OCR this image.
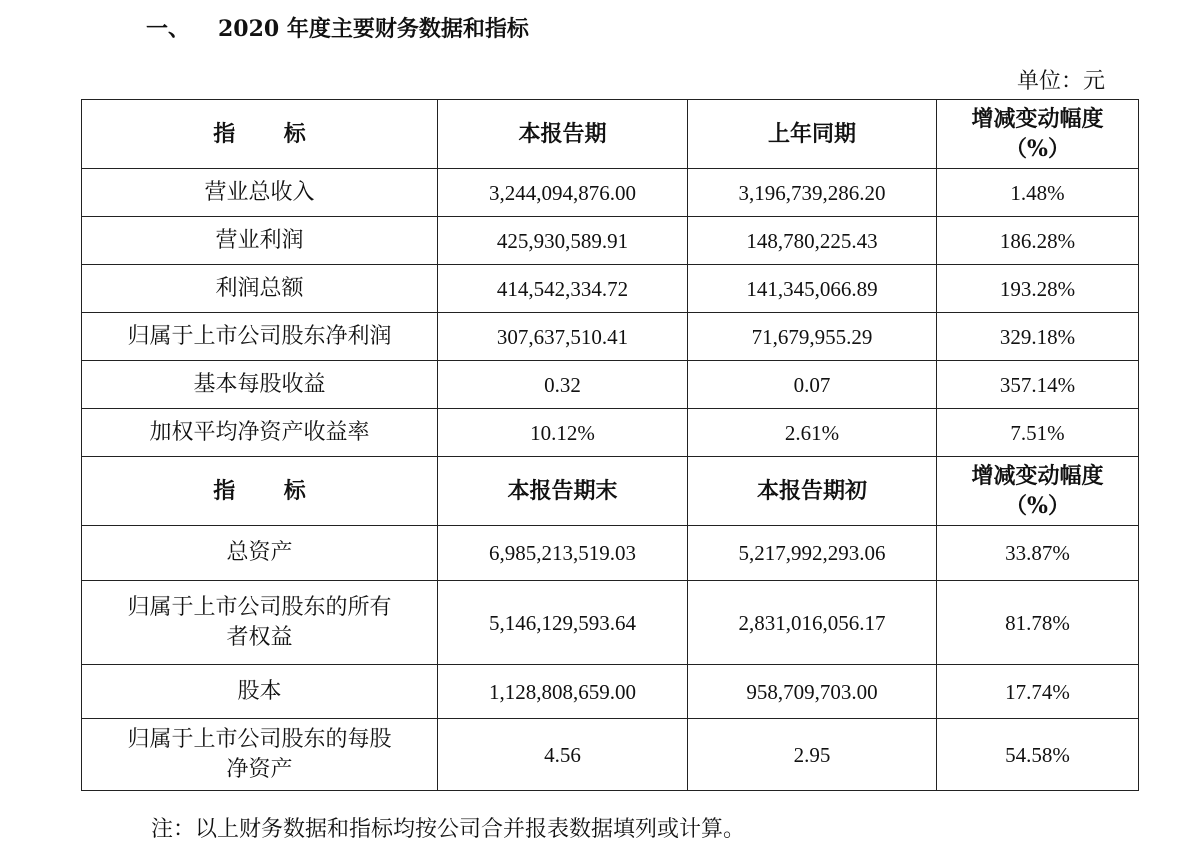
一、 2020 年度主要财务数据和指标
单位：元
指 标	本报告期	上年同期	增减变动幅度
（%）

营业总收入	3,244,094,876.00	3,196,739,286.20	1.48%
营业利润	425,930,589.91	148,780,225.43	186.28%
利润总额	414,542,334.72	141,345,066.89	193.28%
归属于上市公司股东净利润	307,637,510.41	71,679,955.29	329.18%
基本每股收益	0.32	0.07	357.14%
加权平均净资产收益率	10.12%	2.61%	7.51%
指 标	本报告期末	本报告期初	增减变动幅度
（%）

总资产	6,985,213,519.03	5,217,992,293.06	33.87%

归属于上市公司股东的所有
者权益	5,146,129,593.64	2,831,016,056.17	81.78%

股本	1,128,808,659.00	958,709,703.00	17.74%

归属于上市公司股东的每股
净资产	4.56	2.95	54.58%
注：以上财务数据和指标均按公司合并报表数据填列或计算。
